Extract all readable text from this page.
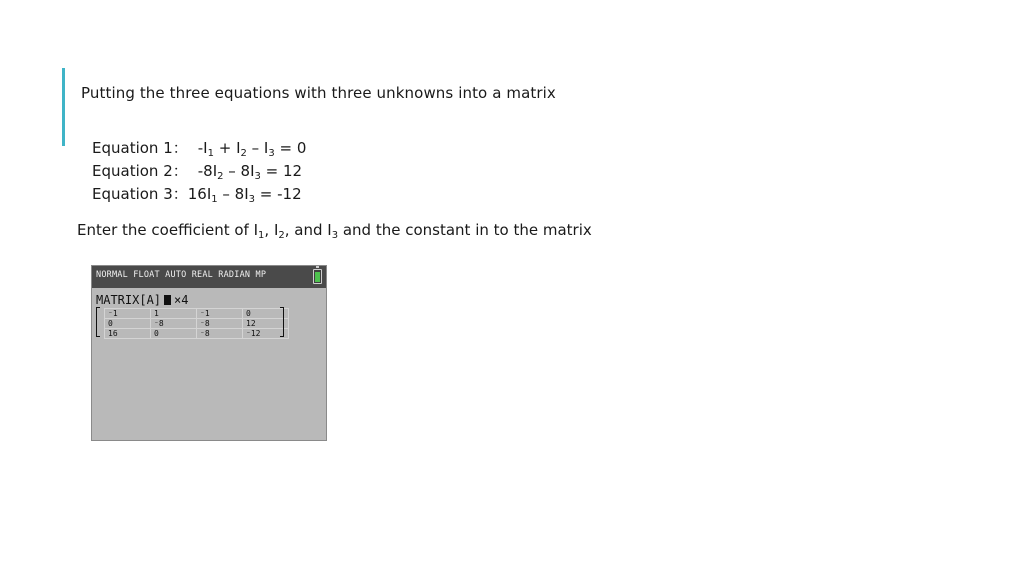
Putting the three equations with three unknowns into a matrix
Equation 1： $-I_1 + I_2 - I_3 = 0$
Equation 2： $-8I_2 - 8I_3 = 12$
Equation 3：$16I_1 - 8I_3 = -12$
Enter the coefficient of $I_1$, $I_2$, and $I_3$ and the constant in to the matrix
NORMAL FLOAT AUTO REAL RADIAN MP
MATRIX[A] ×4
⁻1	1	⁻1	0
0	⁻8	⁻8	12
16	0	⁻8	⁻12
